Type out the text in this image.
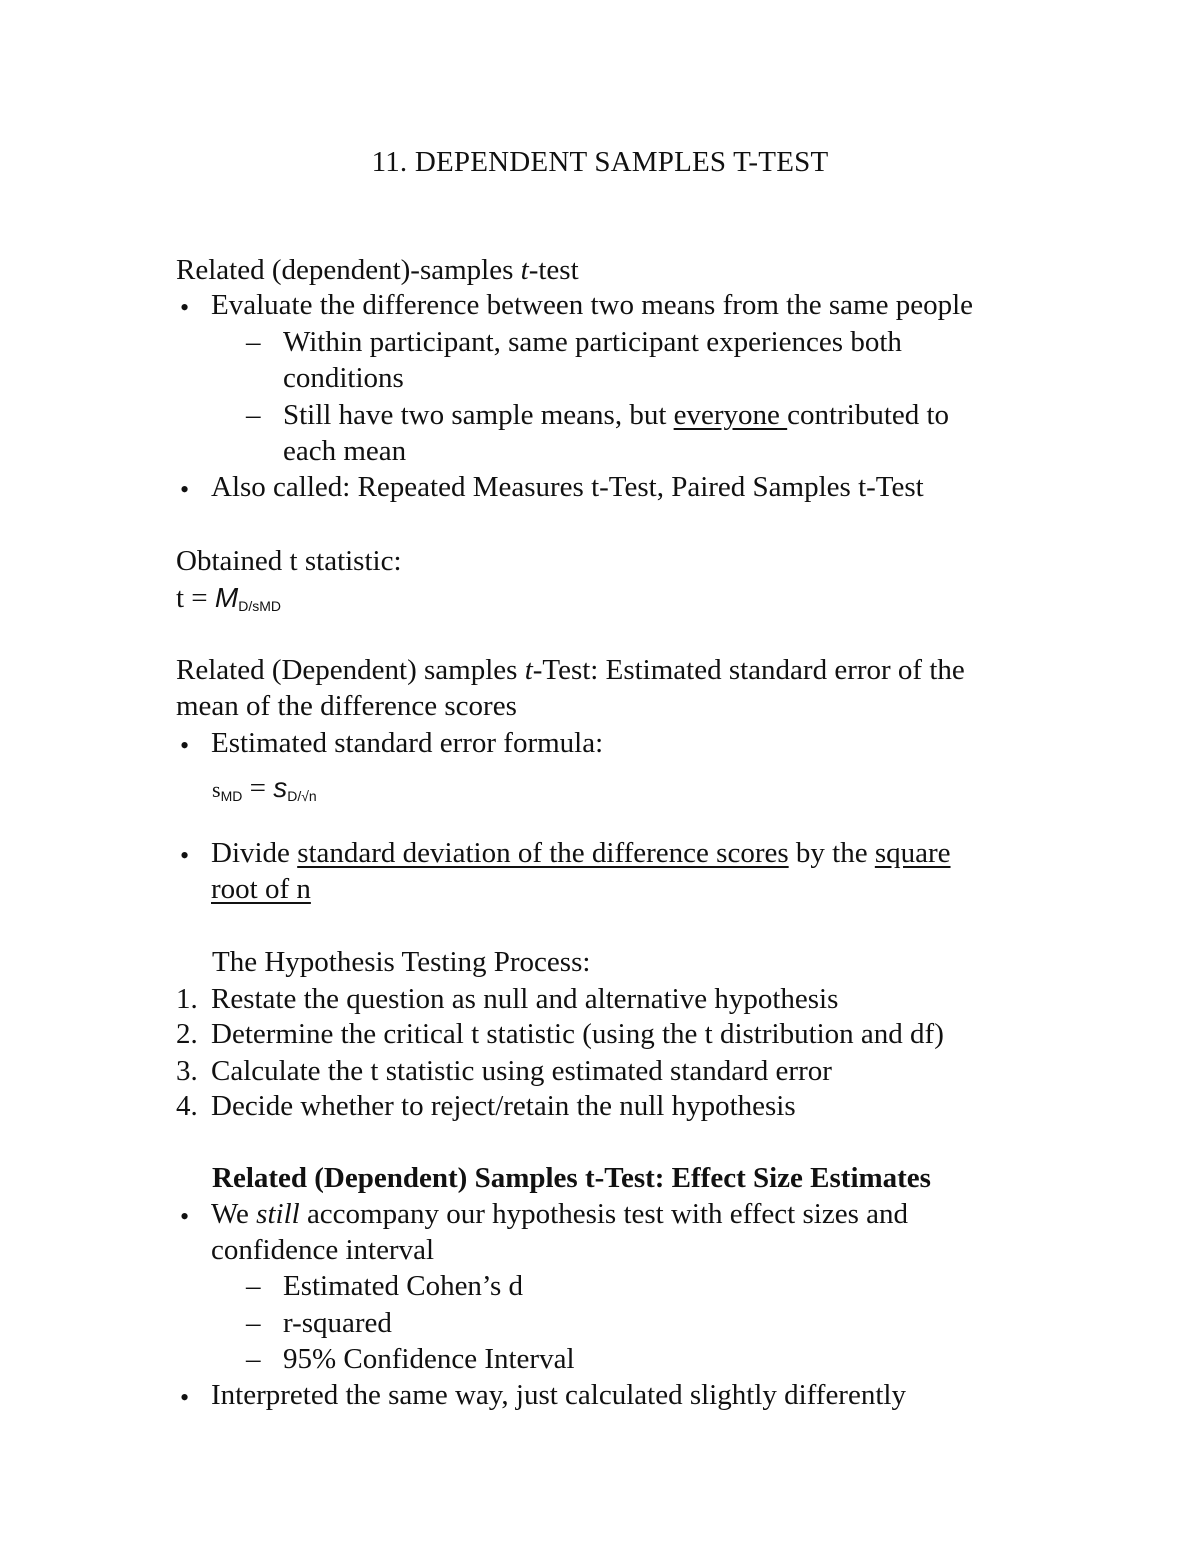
11. DEPENDENT SAMPLES T-TEST
Related (dependent)-samples t-test
• Evaluate the difference between two means from the same people
– Within participant, same participant experiences both
conditions
– Still have two sample means, but everyone contributed to
each mean
• Also called: Repeated Measures t-Test, Paired Samples t-Test
Obtained t statistic:
t = MD/sMD
Related (Dependent) samples t-Test: Estimated standard error of the
mean of the difference scores
• Estimated standard error formula:
sMD = sD/√n
• Divide standard deviation of the difference scores by the square
root of n
The Hypothesis Testing Process:
1. Restate the question as null and alternative hypothesis
2. Determine the critical t statistic (using the t distribution and df)
3. Calculate the t statistic using estimated standard error
4. Decide whether to reject/retain the null hypothesis
Related (Dependent) Samples t-Test: Effect Size Estimates
• We still accompany our hypothesis test with effect sizes and
confidence interval
– Estimated Cohen’s d
– r-squared
– 95% Confidence Interval
• Interpreted the same way, just calculated slightly differently
